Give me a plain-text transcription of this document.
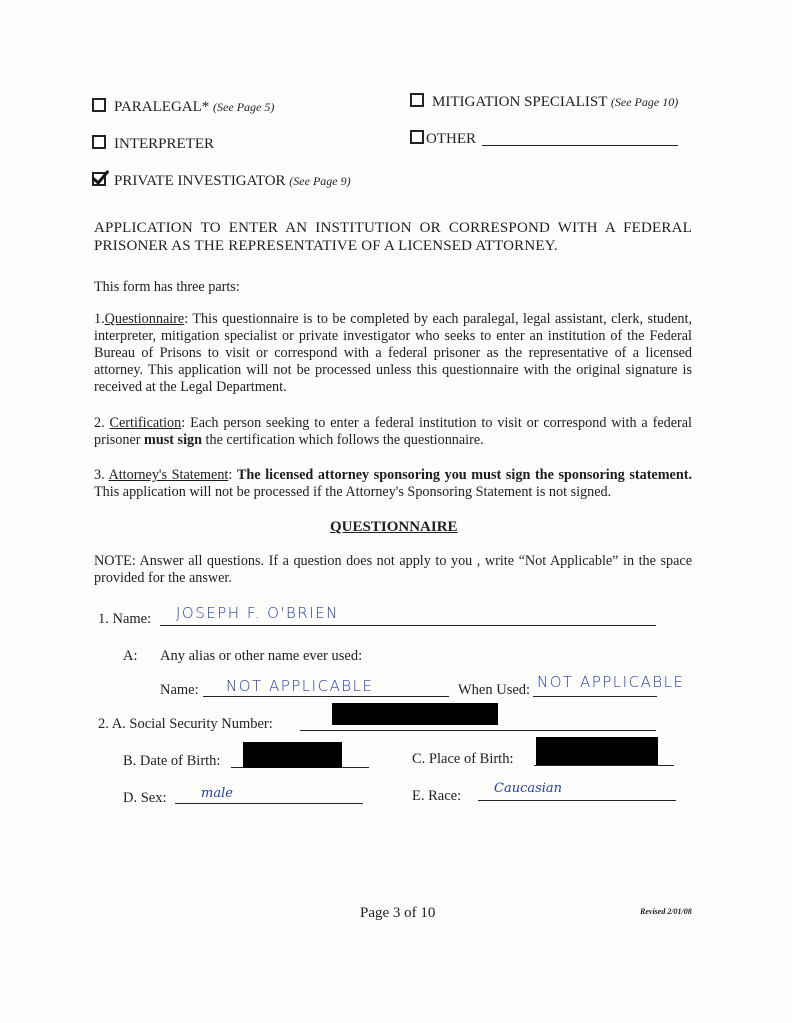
PARALEGAL* (See Page 5)	MITIGATION SPECIALIST (See Page 10)
INTERPRETER	OTHER
PRIVATE INVESTIGATOR (See Page 9)
APPLICATION TO ENTER AN INSTITUTION OR CORRESPOND WITH A FEDERAL PRISONER AS THE REPRESENTATIVE OF A LICENSED ATTORNEY.
This form has three parts:
1.Questionnaire: This questionnaire is to be completed by each paralegal, legal assistant, clerk, student, interpreter, mitigation specialist or private investigator who seeks to enter an institution of the Federal Bureau of Prisons to visit or correspond with a federal prisoner as the representative of a licensed attorney. This application will not be processed unless this questionnaire with the original signature is received at the Legal Department.
2. Certification: Each person seeking to enter a federal institution to visit or correspond with a federal prisoner must sign the certification which follows the questionnaire.
3. Attorney's Statement: The licensed attorney sponsoring you must sign the sponsoring statement. This application will not be processed if the Attorney's Sponsoring Statement is not signed.
QUESTIONNAIRE
NOTE: Answer all questions. If a question does not apply to you , write “Not Applicable” in the space provided for the answer.
1. Name: JOSEPH F. O'BRIEN
A: Any alias or other name ever used:
Name: NOT APPLICABLE	When Used: NOT APPLICABLE
2. A. Social Security Number:
B. Date of Birth:	C. Place of Birth:
D. Sex:	male	E. Race:	Caucasian
Page 3 of 10	Revised 2/01/08
